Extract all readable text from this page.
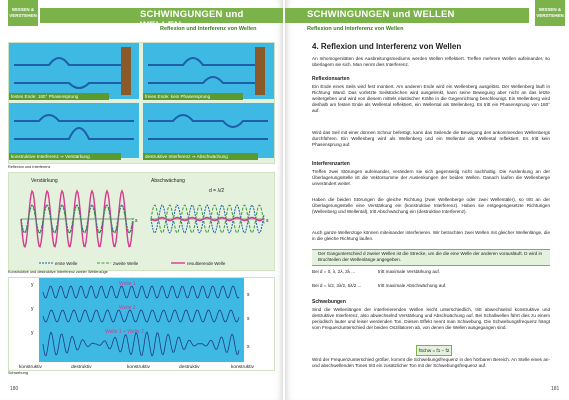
WISSEN & VERSTEHEN	SCHWINGUNGEN und WELLEN
Reflexion und Interferenz von Wellen
festes Ende: 180° Phasensprung	freies Ende: kein Phasensprung
konstruktive Interferenz ⇒ Verstärkung	destruktive Interferenz ⇒ Abschwächung
Reflexion und Interferenz
Verstärkung	Abschwächung
d = λ/2
s	s
erste Welle	zweite Welle	resultierende Welle
Konstruktive und destruktive Interferenz zweier Wellenzüge
Welle 1
Welle 2
Welle 1 + Welle 2
y
y
y
s
s
s
konstruktiv	destruktiv	konstruktiv	destruktiv	konstruktiv
Schwebung
180
WISSEN & VERSTEHEN
SCHWINGUNGEN und WELLEN
Reflexion und Interferenz von Wellen
4. Reflexion und Interferenz von Wellen
An Inhomogenitäten des Ausbreitungsmediums werden Wellen reflektiert. Treffen mehrere Wellen aufeinander, so überlagern sie sich. Man nennt dies Interferenz.
Reflexionsarten
Ein Ende eines Seils wird fest montiert. Am anderen Ende wird ein Wellenberg ausgelöst. Der Wellenberg läuft in Richtung Wand. Das vorletzte Seilstückchen wird ausgelenkt, kann seine Bewegung aber nicht an das letzte weitergeben und wird von diesem mittels elastischer Kräfte in die Gegenrichtung beschleunigt. Ein Wellenberg wird deshalb am festen Ende als Wellental reflektiert, ein Wellental als Wellenberg. Es tritt ein Phasensprung von 180° auf.
Wird das Seil mit einer dünnen Schnur befestigt, kann das Seilende die Bewegung des ankommenden Wellenbergs durchführen. Ein Wellenberg wird als Wellenberg und ein Wellental als Wellental reflektiert. Es tritt kein Phasensprung auf.
Interferenzarten
Treffen zwei Störungen aufeinander, verändern sie sich gegenseitig nicht nachhaltig. Die Auslenkung an der Überlagerungsstelle ist die Vektorsumme der Auslenkungen der beiden Wellen. Danach laufen die Wellenberge unverändert weiter.
Haben die beiden Störungen die gleiche Richtung (zwei Wellenberge oder zwei Wellentäler), so tritt an der Überlagerungsstelle eine Verstärkung ein (konstruktive Interferenz). Haben sie entgegengesetzte Richtungen (Wellenberg und Wellental), tritt Abschwächung ein (destruktive Interferenz).
Auch ganze Wellenzüge können miteinander interferieren. Wir betrachten zwei Wellen mit gleicher Wellenlänge, die in die gleiche Richtung laufen.
Der Gangunterschied d zweier Wellen ist die Strecke, um die die eine Welle der anderen vorausläuft. D wird in Bruchteilen der Wellenlänge angegeben.
Bei d = 0, λ, 2λ, 3λ ...	tritt maximale Verstärkung auf.
Bei d = λ/2, 3λ/2, 5λ/2 ...	tritt maximale Abschwächung auf.
Schwebungen
Sind die Wellenlängen der interferierenden Wellen leicht unterschiedlich, tritt abwechselnd konstruktive und destruktive Interferenz, also abwechselnd Verstärkung und Abschwächung auf. Bei Schallwellen führt dies zu einem periodisch lauter und leiser werdenden Ton. Diesen Effekt nennt man Schwebung. Die Schwebungsfrequenz hängt vom Frequenzunterschied der beiden Oszillatoren ab, von denen die Wellen ausgegangen sind.
fSchw = f1 − f2
Wird der Frequenzunterschied größer, kommt die Schwebungsfrequenz in den hörbaren Bereich. An Stelle eines an- und abschwellenden Tones tritt ein zusätzlicher Ton mit der Schwebungsfrequenz auf.
181
